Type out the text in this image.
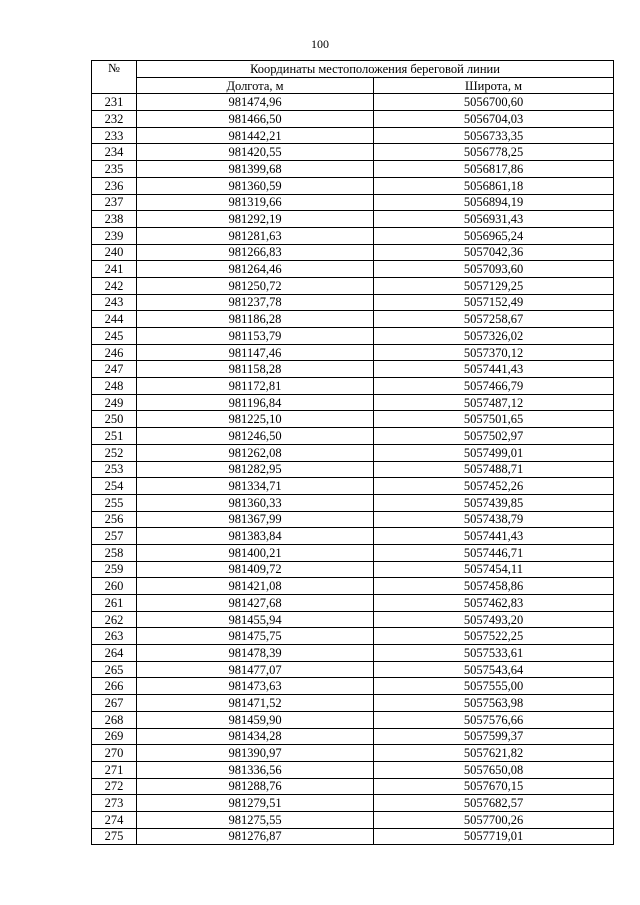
100
№	Координаты местоположения береговой линии	
	Долгота, м	Широта, м
231	981474,96	5056700,60
232	981466,50	5056704,03
233	981442,21	5056733,35
234	981420,55	5056778,25
235	981399,68	5056817,86
236	981360,59	5056861,18
237	981319,66	5056894,19
238	981292,19	5056931,43
239	981281,63	5056965,24
240	981266,83	5057042,36
241	981264,46	5057093,60
242	981250,72	5057129,25
243	981237,78	5057152,49
244	981186,28	5057258,67
245	981153,79	5057326,02
246	981147,46	5057370,12
247	981158,28	5057441,43
248	981172,81	5057466,79
249	981196,84	5057487,12
250	981225,10	5057501,65
251	981246,50	5057502,97
252	981262,08	5057499,01
253	981282,95	5057488,71
254	981334,71	5057452,26
255	981360,33	5057439,85
256	981367,99	5057438,79
257	981383,84	5057441,43
258	981400,21	5057446,71
259	981409,72	5057454,11
260	981421,08	5057458,86
261	981427,68	5057462,83
262	981455,94	5057493,20
263	981475,75	5057522,25
264	981478,39	5057533,61
265	981477,07	5057543,64
266	981473,63	5057555,00
267	981471,52	5057563,98
268	981459,90	5057576,66
269	981434,28	5057599,37
270	981390,97	5057621,82
271	981336,56	5057650,08
272	981288,76	5057670,15
273	981279,51	5057682,57
274	981275,55	5057700,26
275	981276,87	5057719,01
